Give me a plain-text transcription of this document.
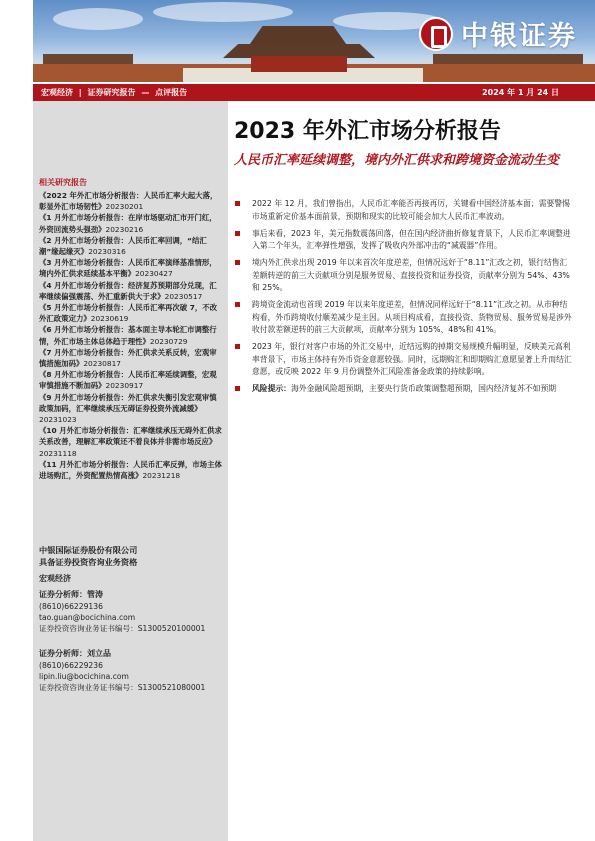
中银证券
宏观经济 | 证券研究报告 — 点评报告	2024 年 1 月 24 日
相关研究报告
《2022 年外汇市场分析报告：人民币汇率大起大落，彰显外汇市场韧性》20230201
《1 月外汇市场分析报告：在岸市场驱动汇市开门红，外资回流势头强劲》20230216
《2 月外汇市场分析报告：人民币汇率回调，“结汇潮”缘起缘灭》20230316
《3 月外汇市场分析报告：人民币汇率演绎基准情形，境内外汇供求延续基本平衡》20230427
《4 月外汇市场分析报告：经济复苏预期部分兑现，汇率继续偏强震荡、外汇重新供大于求》20230517
《5 月外汇市场分析报告：人民币汇率再次破 7，不改外汇政策定力》20230619
《6 月外汇市场分析报告：基本面主导本轮汇市调整行情，外汇市场主体总体趋于理性》20230729
《7 月外汇市场分析报告：外汇供求关系反转，宏观审慎措施加码》20230817
《8 月外汇市场分析报告：人民币汇率延续调整，宏观审慎措施不断加码》20230917
《9 月外汇市场分析报告：外汇供求失衡引发宏观审慎政策加码，汇率继续承压无碍证券投资外流减缓》20231023
《10 月外汇市场分析报告：汇率继续承压无碍外汇供求关系改善，理解汇率政策还不着良体并非需市场反应》20231118
《11 月外汇市场分析报告：人民币汇率反弹，市场主体进场购汇，外资配置热情高涨》20231218
中银国际证券股份有限公司
具备证券投资咨询业务资格
宏观经济
证券分析师：管涛
(8610)66229136
tao.guan@bocichina.com
证券投资咨询业务证书编号：S1300520100001
证券分析师：刘立品
(8610)66229236
lipin.liu@bocichina.com
证券投资咨询业务证书编号：S1300521080001
2023 年外汇市场分析报告
人民币汇率延续调整，境内外汇供求和跨境资金流动生变
2022 年 12 月，我们曾指出，人民币汇率能否再接再厉，关键看中国经济基本面；需要警惕市场重新定价基本面前景，预期和现实的比较可能会加大人民币汇率波动。
事后来看，2023 年，美元指数震荡回落，但在国内经济曲折修复背景下，人民币汇率调整进入第二个年头，汇率弹性增强，发挥了吸收内外部冲击的“减震器”作用。
境内外汇供求出现 2019 年以来首次年度逆差，但情况远好于“8.11”汇改之初，银行结售汇差额转逆的前三大贡献项分别是服务贸易、直接投资和证券投资，贡献率分别为 54%、43%和 25%。
跨境资金流动也首现 2019 年以来年度逆差，但情况同样远好于“8.11”汇改之初。从市种结构看，外币跨境收付顺差减少是主因。从项目构成看，直接投资、货物贸易、服务贸易是涉外收付款差额逆转的前三大贡献项，贡献率分别为 105%、48%和 41%。
2023 年，银行对客户市场的外汇交易中，近结远购的掉期交易规模升幅明显，反映美元高利率背景下，市场主体持有外币资金意愿较强。同时，远期购汇和即期购汇意愿显著上升而结汇意愿，或反映 2022 年 9 月份调整外汇风险准备金政策的持续影响。
风险提示：海外金融风险超预期，主要央行货币政策调整超预期，国内经济复苏不如预期
